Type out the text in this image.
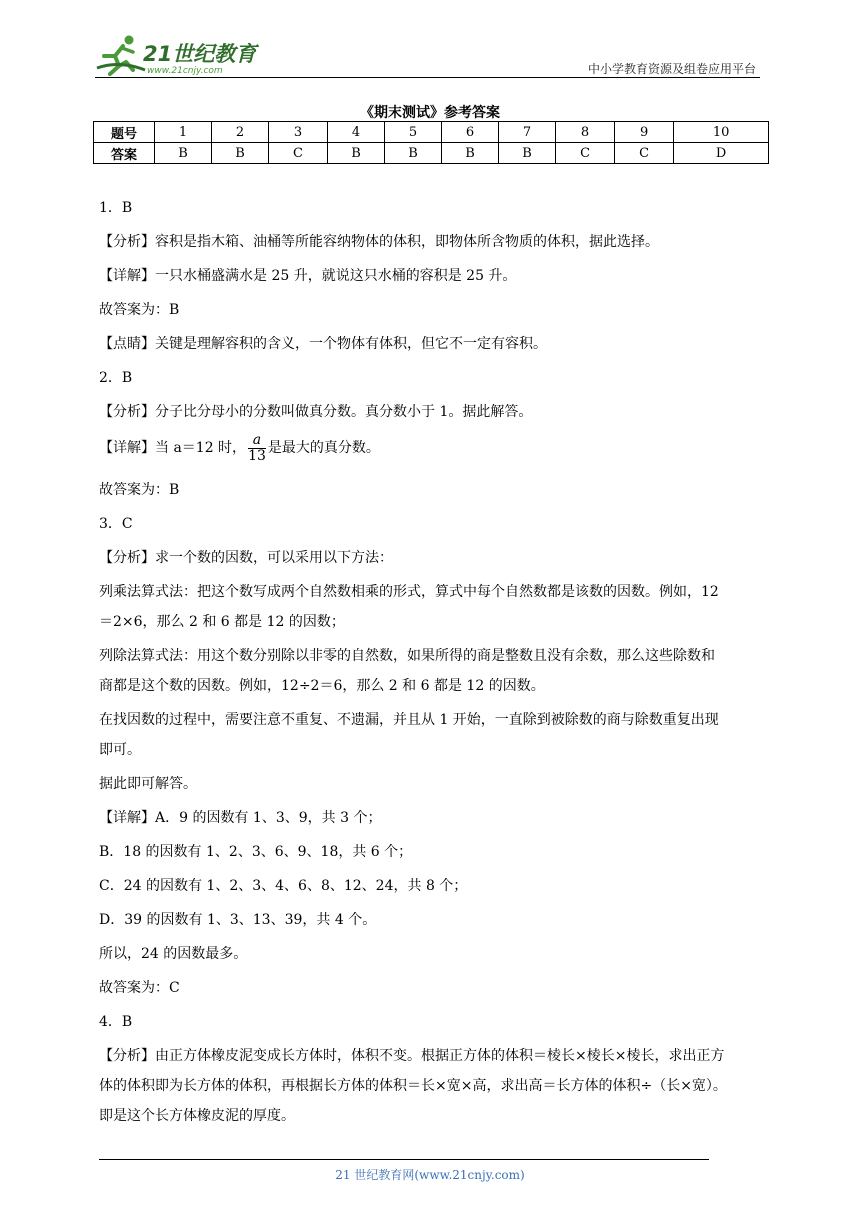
21世纪教育
www.21cnjy.com	中小学教育资源及组卷应用平台
《期末测试》参考答案
题号	1	2	3	4	5	6	7	8	9	10
答案	B	B	C	B	B	B	B	C	C	D

1．B

【分析】容积是指木箱、油桶等所能容纳物体的体积，即物体所含物质的体积，据此选择。

【详解】一只水桶盛满水是 25 升，就说这只水桶的容积是 25 升。

故答案为：B

【点睛】关键是理解容积的含义，一个物体有体积，但它不一定有容积。

2．B

【分析】分子比分母小的分数叫做真分数。真分数小于 1。据此解答。

【详解】当 a＝12 时， $\frac{a}{13}$ 是最大的真分数。

故答案为：B

3．C

【分析】求一个数的因数，可以采用以下方法：

列乘法算式法：把这个数写成两个自然数相乘的形式，算式中每个自然数都是该数的因数。例如，12

＝2×6，那么 2 和 6 都是 12 的因数；

列除法算式法：用这个数分别除以非零的自然数，如果所得的商是整数且没有余数，那么这些除数和

商都是这个数的因数。例如，12÷2＝6，那么 2 和 6 都是 12 的因数。

在找因数的过程中，需要注意不重复、不遗漏，并且从 1 开始，一直除到被除数的商与除数重复出现

即可。

据此即可解答。

【详解】A．9 的因数有 1、3、9，共 3 个；

B．18 的因数有 1、2、3、6、9、18，共 6 个；

C．24 的因数有 1、2、3、4、6、8、12、24，共 8 个；

D．39 的因数有 1、3、13、39，共 4 个。

所以，24 的因数最多。

故答案为：C

4．B

【分析】由正方体橡皮泥变成长方体时，体积不变。根据正方体的体积＝棱长×棱长×棱长，求出正方

体的体积即为长方体的体积，再根据长方体的体积＝长×宽×高，求出高＝长方体的体积÷（长×宽）。

即是这个长方体橡皮泥的厚度。

21 世纪教育网(www.21cnjy.com)
